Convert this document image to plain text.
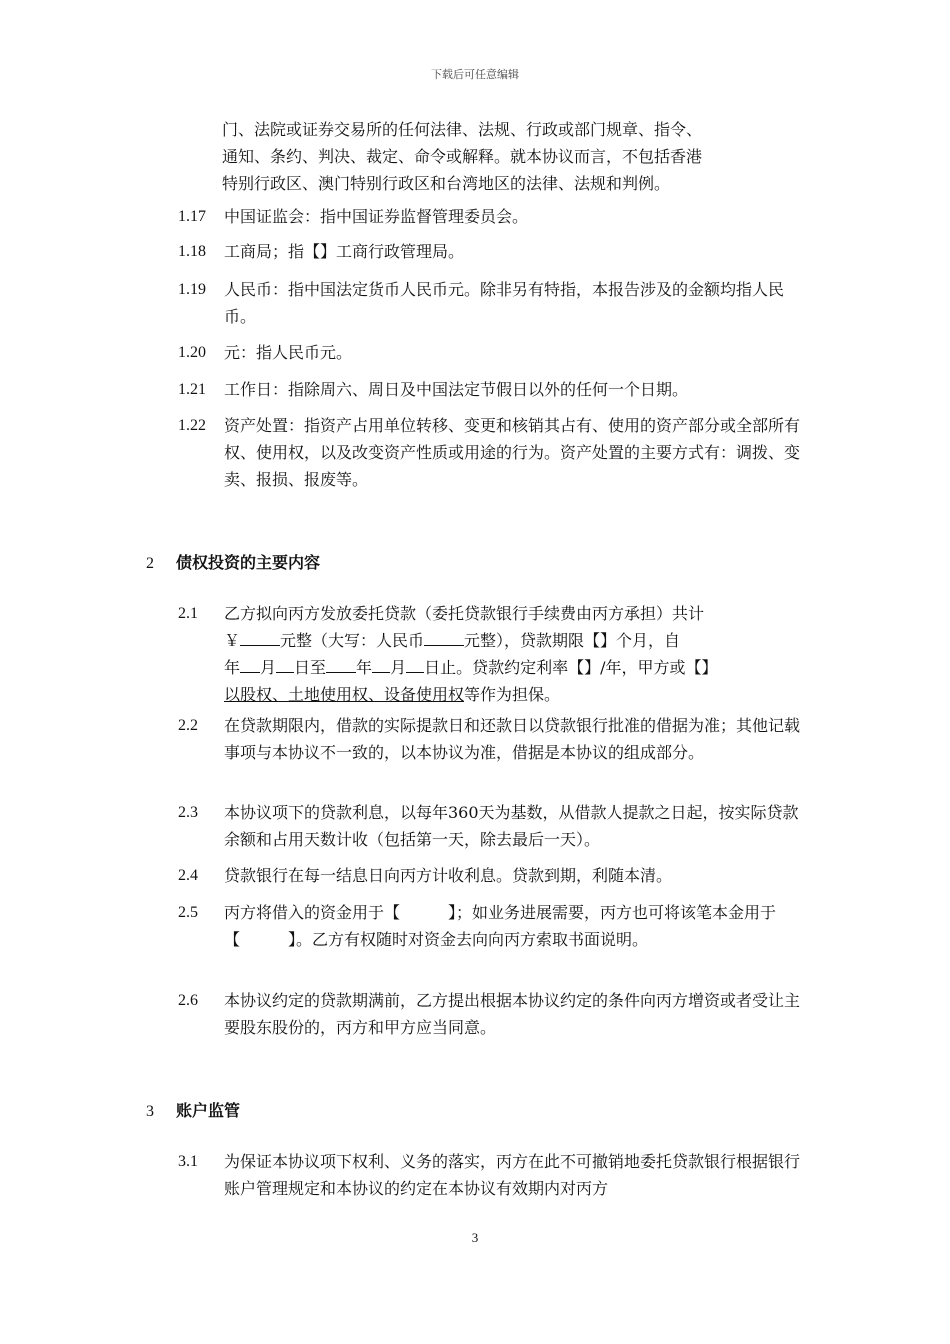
下载后可任意编辑
门、法院或证券交易所的任何法律、法规、行政或部门规章、指令、
通知、条约、判决、裁定、命令或解释。就本协议而言，不包括香港
特别行政区、澳门特别行政区和台湾地区的法律、法规和判例。
1.17 中国证监会：指中国证券监督管理委员会。
1.18 工商局；指【】工商行政管理局。
1.19 人民币：指中国法定货币人民币元。除非另有特指，本报告涉及的金额均指人民币。
1.20 元：指人民币元。
1.21 工作日：指除周六、周日及中国法定节假日以外的任何一个日期。
1.22 资产处置：指资产占用单位转移、变更和核销其占有、使用的资产部分或全部所有权、使用权，以及改变资产性质或用途的行为。资产处置的主要方式有：调拨、变卖、报损、报废等。
2 债权投资的主要内容
2.1 乙方拟向丙方发放委托贷款（委托贷款银行手续费由丙方承担）共计
￥	元整（大写：人民币	元整），贷款期限【】个月，自
年 月 日至 年 月 日止。贷款约定利率【】/年，甲方或【】
以股权、土地使用权、设备使用权等作为担保。
2.2 在贷款期限内，借款的实际提款日和还款日以贷款银行批准的借据为准；其他记载事项与本协议不一致的，以本协议为准，借据是本协议的组成部分。
2.3 本协议项下的贷款利息，以每年360天为基数，从借款人提款之日起，按实际贷款余额和占用天数计收（包括第一天，除去最后一天）。
2.4 贷款银行在每一结息日向丙方计收利息。贷款到期，利随本清。
2.5 丙方将借入的资金用于【　　　】；如业务进展需要，丙方也可将该笔本金用于【　　　】。乙方有权随时对资金去向向丙方索取书面说明。
2.6 本协议约定的贷款期满前，乙方提出根据本协议约定的条件向丙方增资或者受让主要股东股份的，丙方和甲方应当同意。
3 账户监管
3.1 为保证本协议项下权利、义务的落实，丙方在此不可撤销地委托贷款银行根据银行账户管理规定和本协议的约定在本协议有效期内对丙方
3
